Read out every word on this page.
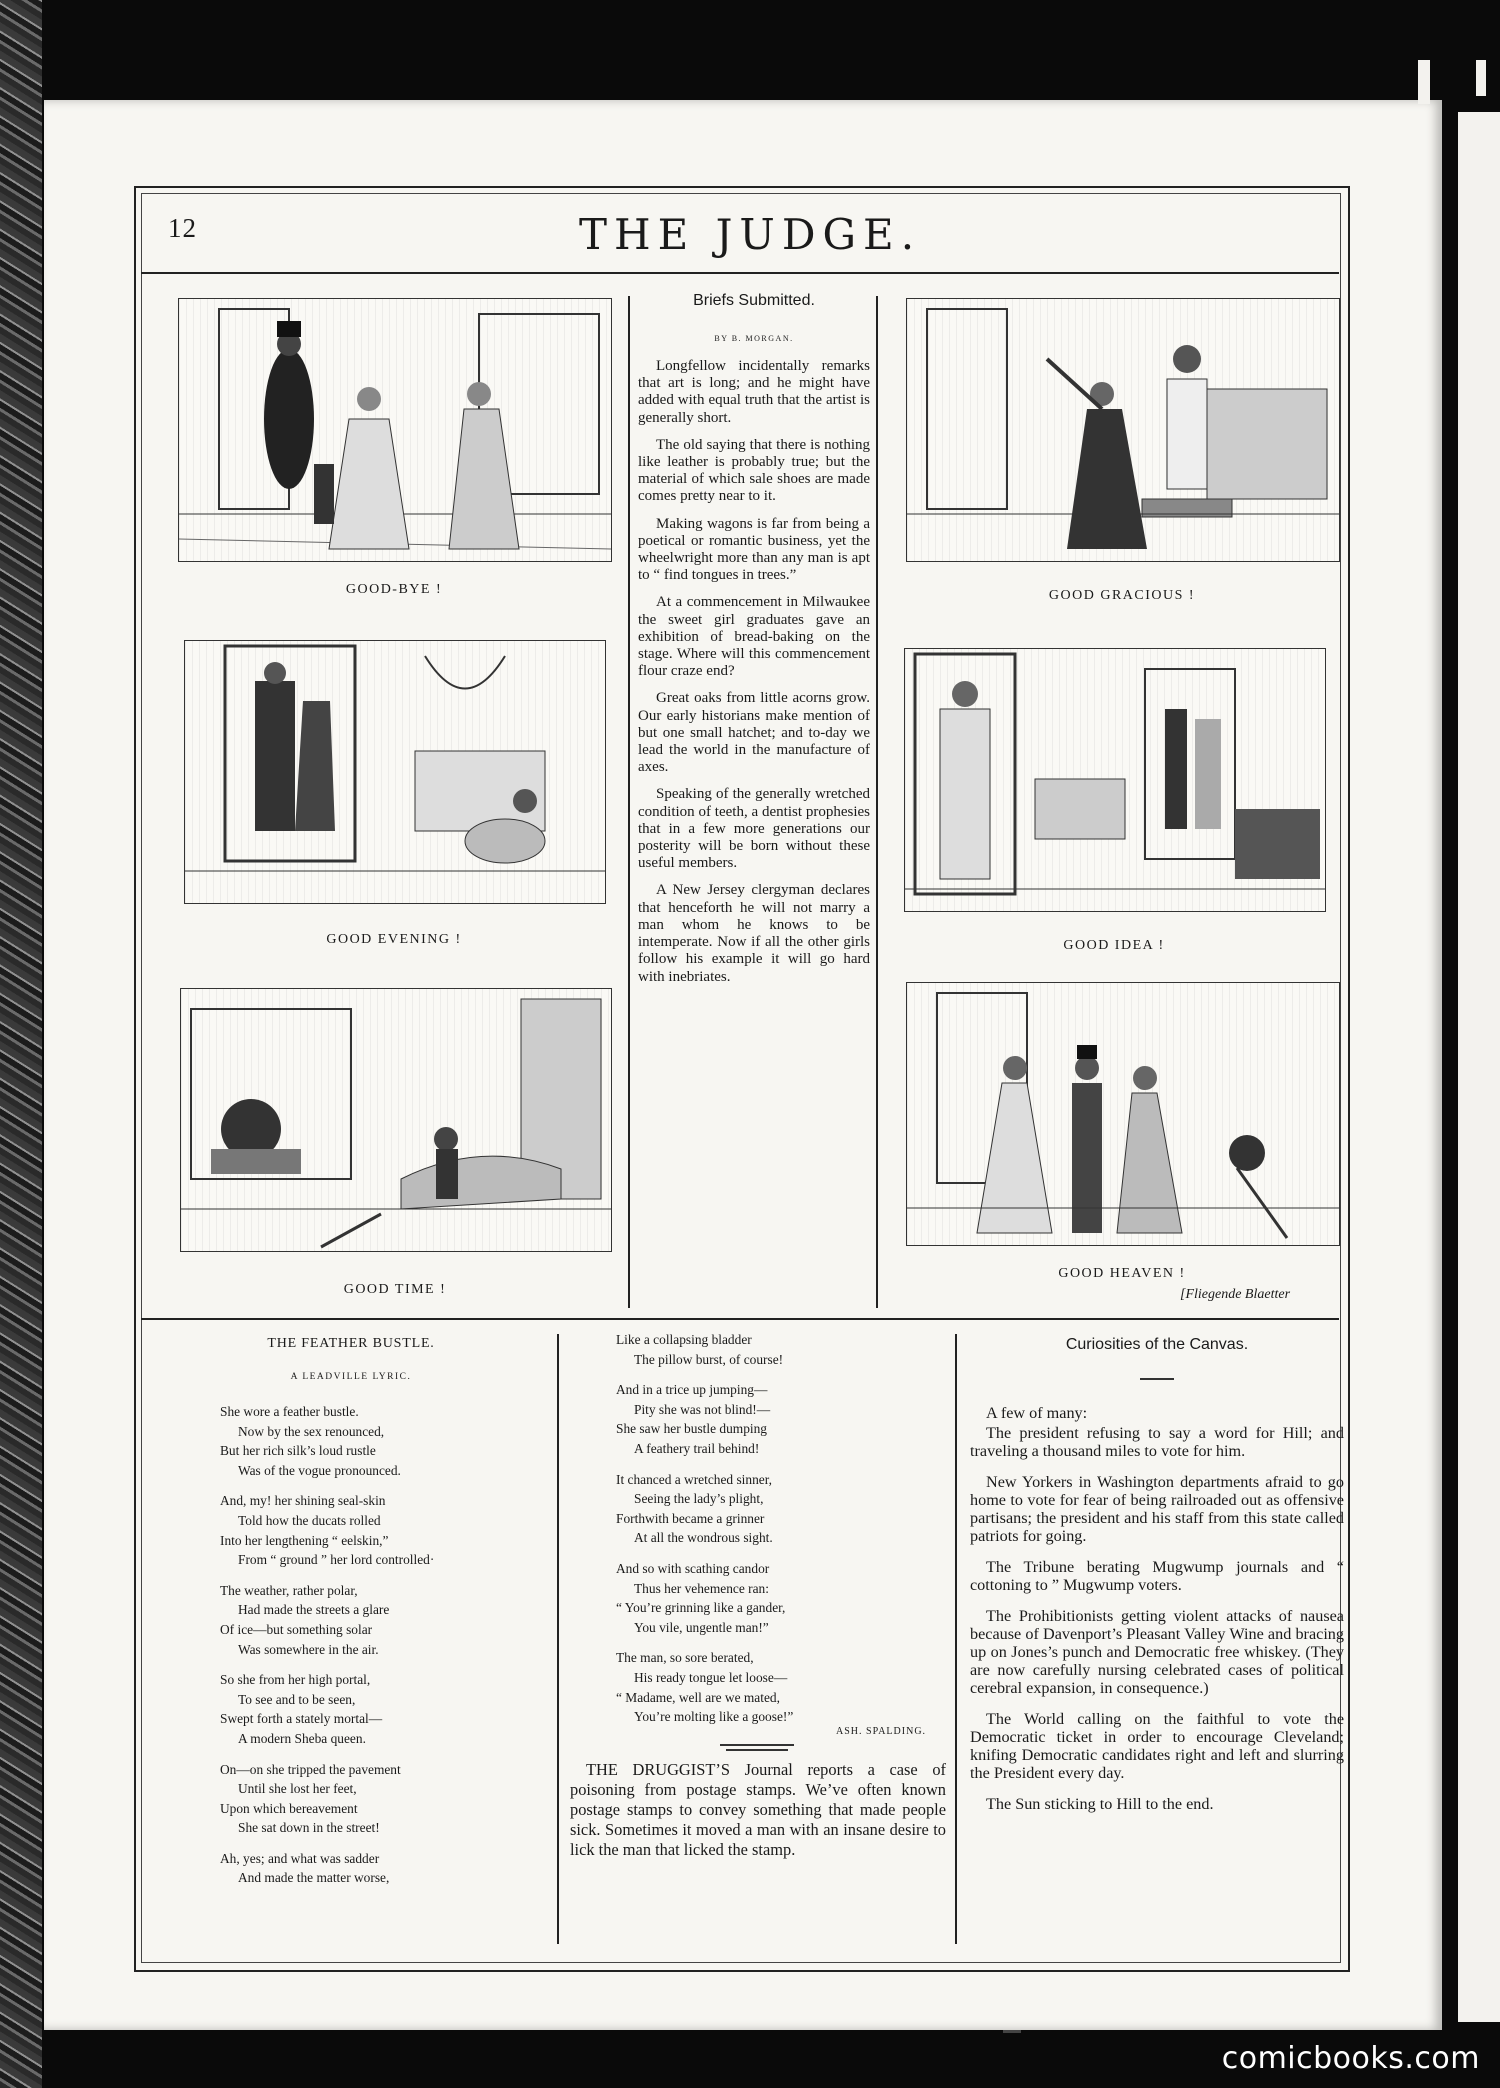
12	THE JUDGE.
GOOD-BYE !
GOOD EVENING !
GOOD TIME !
GOOD GRACIOUS !
GOOD IDEA !
GOOD HEAVEN !
[Fliegende Blaetter
Briefs Submitted.
BY B. MORGAN.

Longfellow incidentally remarks that art is long; and he might have added with equal truth that the artist is generally short.

The old saying that there is nothing like leather is probably true; but the material of which sale shoes are made comes pretty near to it.

Making wagons is far from being a poetical or romantic business, yet the wheelwright more than any man is apt to “ find tongues in trees.”

At a commencement in Milwaukee the sweet girl graduates gave an exhibition of bread-baking on the stage. Where will this commencement flour craze end?

Great oaks from little acorns grow. Our early historians make mention of but one small hatchet; and to-day we lead the world in the manufacture of axes.

Speaking of the generally wretched condition of teeth, a dentist prophesies that in a few more generations our posterity will be born without these useful members.

A New Jersey clergyman declares that henceforth he will not marry a man whom he knows to be intemperate. Now if all the other girls follow his example it will go hard with inebriates.

THE FEATHER BUSTLE.
A LEADVILLE LYRIC.
She wore a feather bustle.
Now by the sex renounced,
But her rich silk’s loud rustle
Was of the vogue pronounced.
And, my! her shining seal-skin
Told how the ducats rolled
Into her lengthening “ eelskin,”
From “ ground ” her lord controlled·
The weather, rather polar,
Had made the streets a glare
Of ice—but something solar
Was somewhere in the air.
So she from her high portal,
To see and to be seen,
Swept forth a stately mortal—
A modern Sheba queen.
On—on she tripped the pavement
Until she lost her feet,
Upon which bereavement
She sat down in the street!
Ah, yes; and what was sadder
And made the matter worse,
Like a collapsing bladder
The pillow burst, of course!
And in a trice up jumping—
Pity she was not blind!—
She saw her bustle dumping
A feathery trail behind!
It chanced a wretched sinner,
Seeing the lady’s plight,
Forthwith became a grinner
At all the wondrous sight.
And so with scathing candor
Thus her vehemence ran:
“ You’re grinning like a gander,
You vile, ungentle man!”
The man, so sore berated,
His ready tongue let loose—
“ Madame, well are we mated,
You’re molting like a goose!”
ASH. SPALDING.

THE DRUGGIST’S Journal reports a case of poisoning from postage stamps. We’ve often known postage stamps to convey something that made people sick. Sometimes it moved a man with an insane desire to lick the man that licked the stamp.

Curiosities of the Canvas.

A few of many:

The president refusing to say a word for Hill; and traveling a thousand miles to vote for him.

New Yorkers in Washington departments afraid to go home to vote for fear of being railroaded out as offensive partisans; the president and his staff from this state called patriots for going.

The Tribune berating Mugwump journals and “ cottoning to ” Mugwump voters.

The Prohibitionists getting violent attacks of nausea because of Davenport’s Pleasant Valley Wine and bracing up on Jones’s punch and Democratic free whiskey. (They are now carefully nursing celebrated cases of political cerebral expansion, in consequence.)

The World calling on the faithful to vote the Democratic ticket in order to encourage Cleveland; knifing Democratic candidates right and left and slurring the President every day.

The Sun sticking to Hill to the end.

comicbooks.com
